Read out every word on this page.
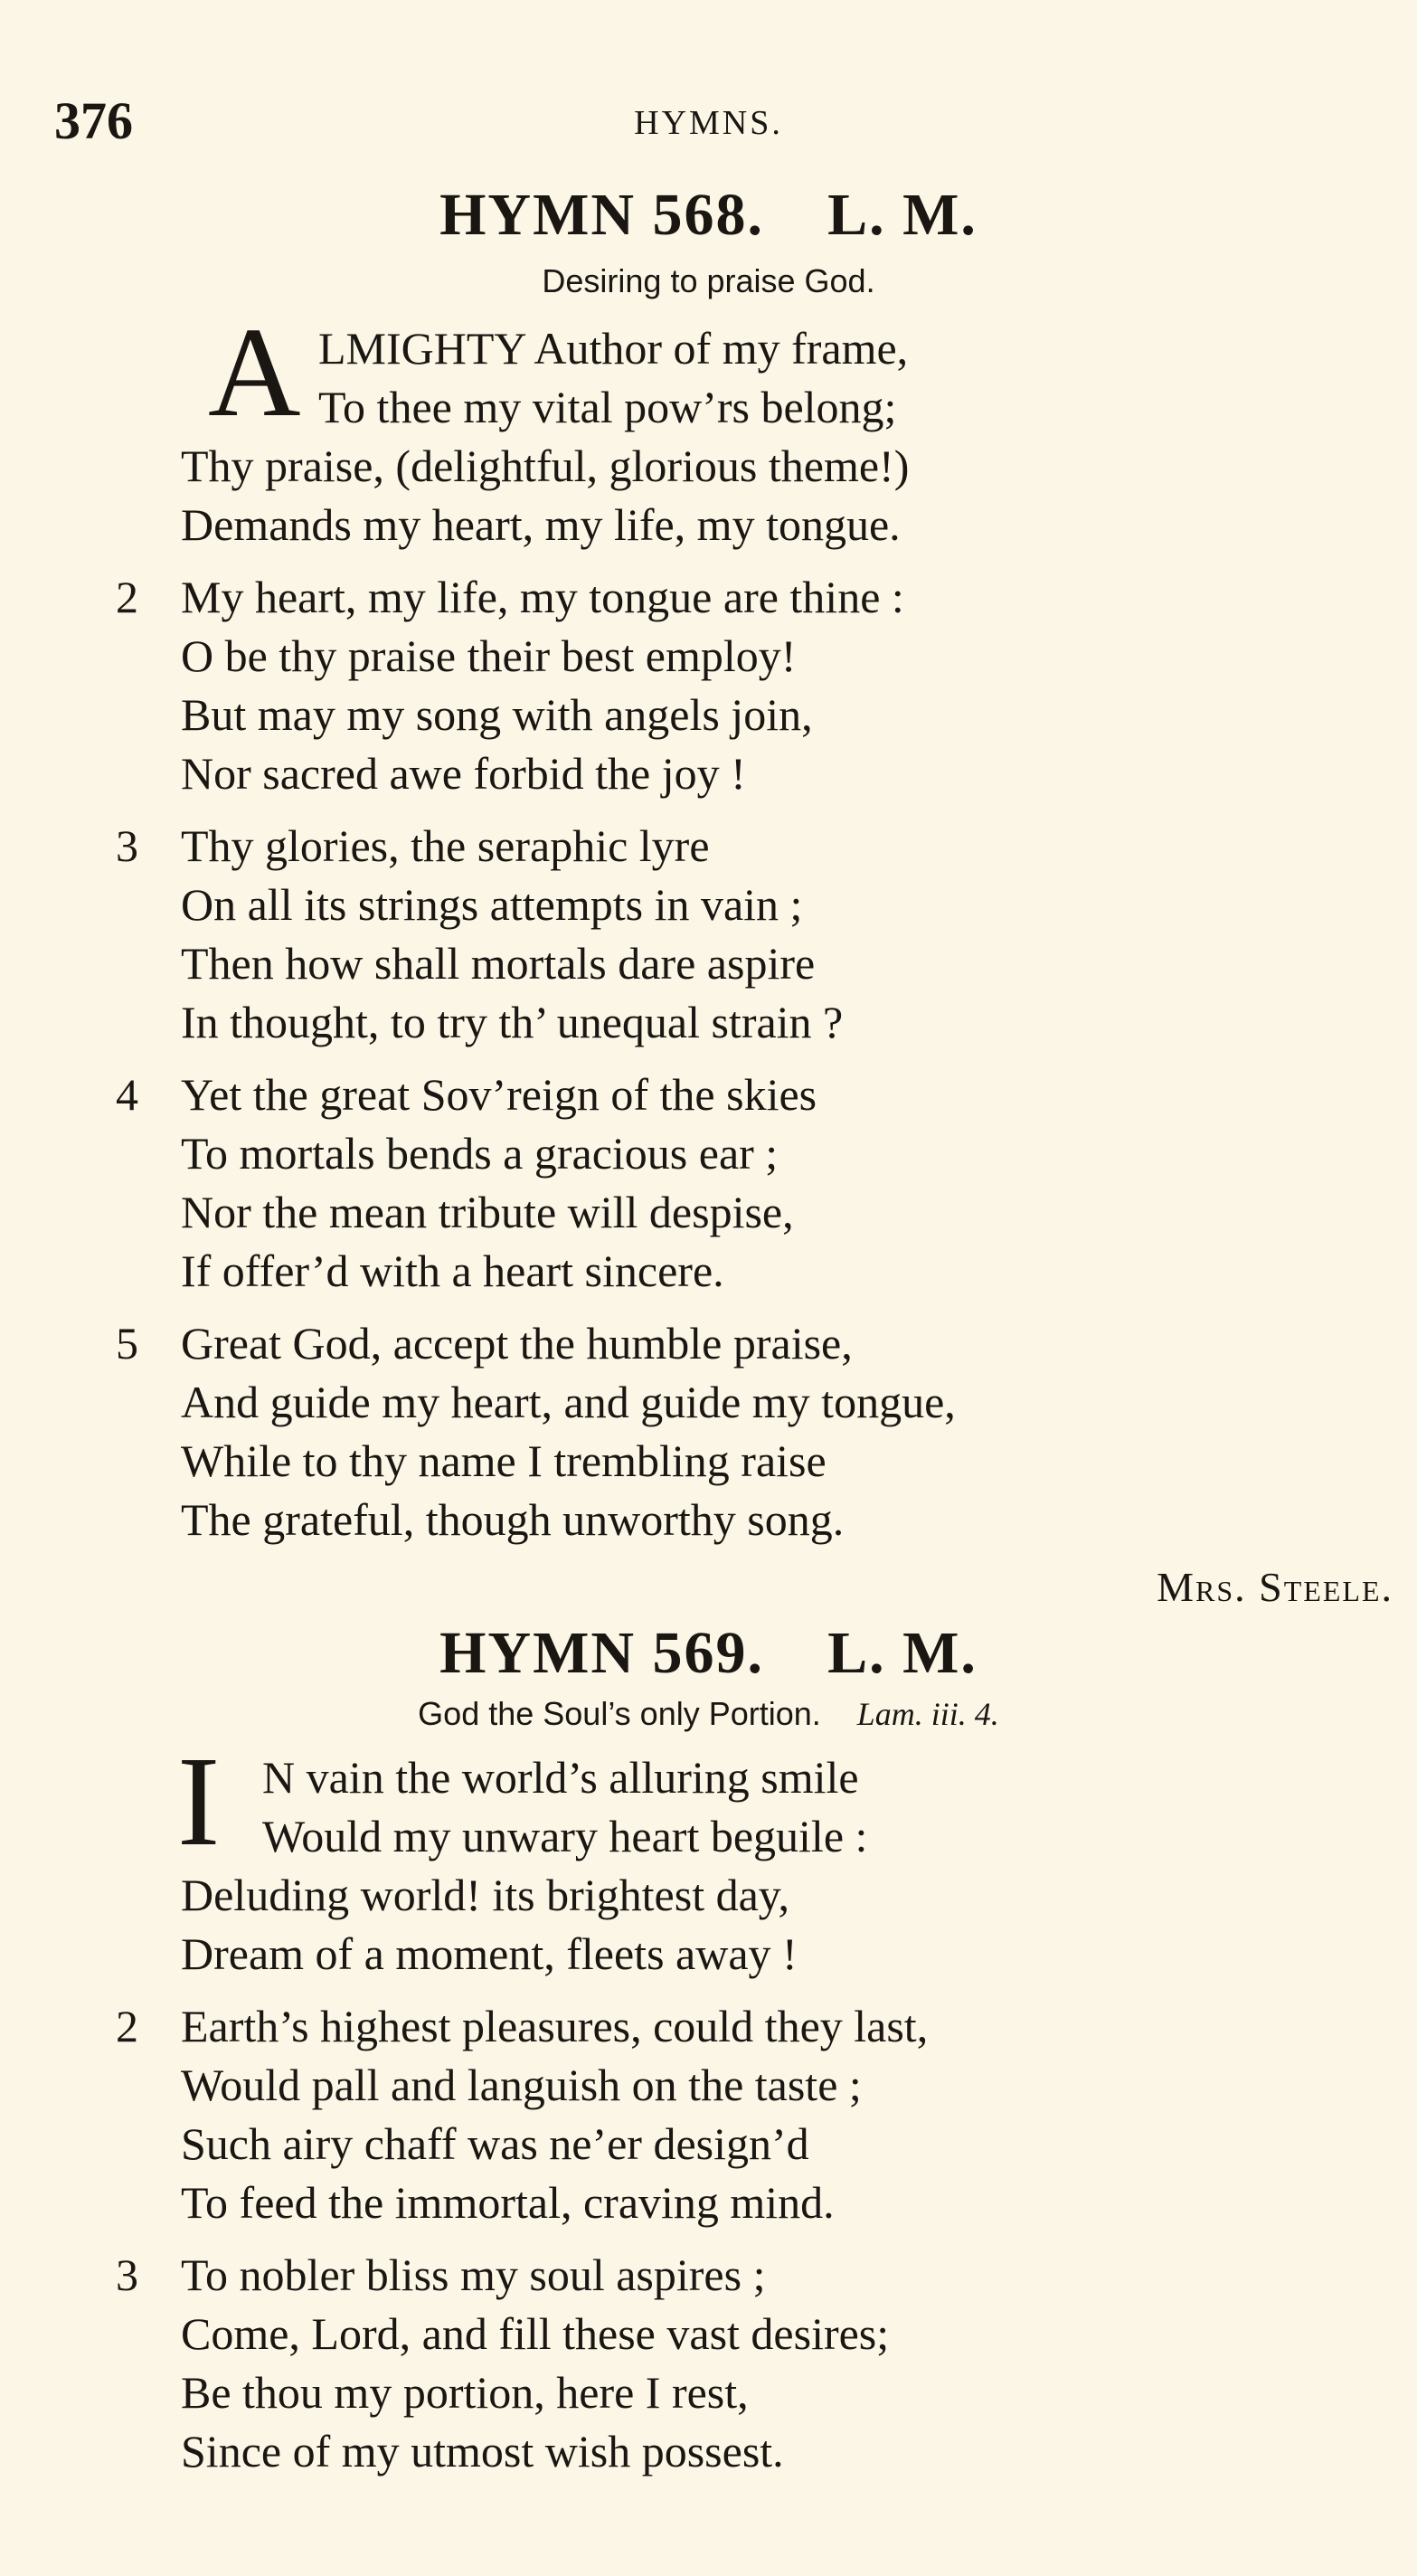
376	HYMNS.
HYMN 568. L. M.
Desiring to praise God.
A LMIGHTY Author of my frame,
To thee my vital pow’rs belong;
Thy praise, (delightful, glorious theme!)
Demands my heart, my life, my tongue.
2 My heart, my life, my tongue are thine :
O be thy praise their best employ!
But may my song with angels join,
Nor sacred awe forbid the joy !
3 Thy glories, the seraphic lyre
On all its strings attempts in vain ;
Then how shall mortals dare aspire
In thought, to try th’ unequal strain ?
4 Yet the great Sov’reign of the skies
To mortals bends a gracious ear ;
Nor the mean tribute will despise,
If offer’d with a heart sincere.
5 Great God, accept the humble praise,
And guide my heart, and guide my tongue,
While to thy name I trembling raise
The grateful, though unworthy song.
Mrs. Steele.
HYMN 569. L. M.
God the Soul’s only Portion. Lam. iii. 4.
I N vain the world’s alluring smile
Would my unwary heart beguile :
Deluding world! its brightest day,
Dream of a moment, fleets away !
2 Earth’s highest pleasures, could they last,
Would pall and languish on the taste ;
Such airy chaff was ne’er design’d
To feed the immortal, craving mind.
3 To nobler bliss my soul aspires ;
Come, Lord, and fill these vast desires;
Be thou my portion, here I rest,
Since of my utmost wish possest.
